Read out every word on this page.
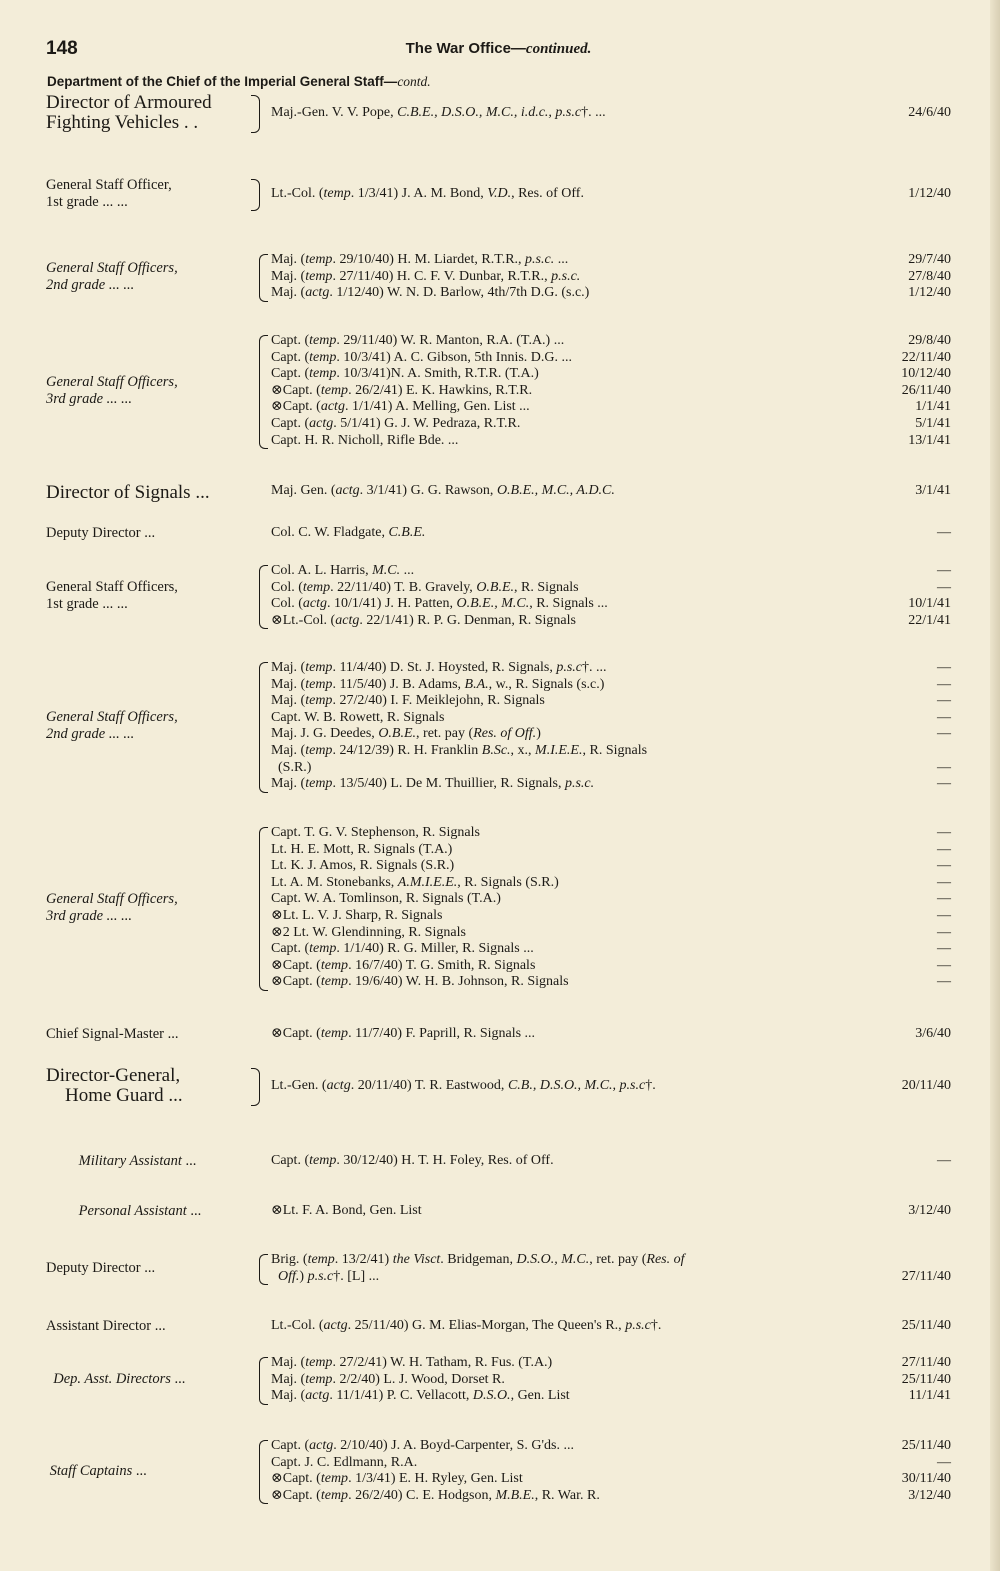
148	The War Office—continued.
Department of the Chief of the Imperial General Staff—contd.
Director of Armoured
Fighting Vehicles . .	Maj.-Gen. V. V. Pope, C.B.E., D.S.O., M.C., i.d.c., p.s.c†. ...	24/6/40
General Staff Officer,
1st grade ... ...
Lt.-Col. (temp. 1/3/41) J. A. M. Bond, V.D., Res. of Off.	1/12/40
General Staff Officers,
2nd grade ... ...
Maj. (temp. 29/10/40) H. M. Liardet, R.T.R., p.s.c. ...	29/7/40
Maj. (temp. 27/11/40) H. C. F. V. Dunbar, R.T.R., p.s.c.	27/8/40
Maj. (actg. 1/12/40) W. N. D. Barlow, 4th/7th D.G. (s.c.)	1/12/40
General Staff Officers,
3rd grade ... ...
Capt. (temp. 29/11/40) W. R. Manton, R.A. (T.A.) ...	29/8/40
Capt. (temp. 10/3/41) A. C. Gibson, 5th Innis. D.G. ...	22/11/40
Capt. (temp. 10/3/41)N. A. Smith, R.T.R. (T.A.)	10/12/40
⊗Capt. (temp. 26/2/41) E. K. Hawkins, R.T.R.	26/11/40
⊗Capt. (actg. 1/1/41) A. Melling, Gen. List ...	1/1/41
Capt. (actg. 5/1/41) G. J. W. Pedraza, R.T.R.	5/1/41
Capt. H. R. Nicholl, Rifle Bde. ...	13/1/41
Director of Signals ...	Maj. Gen. (actg. 3/1/41) G. G. Rawson, O.B.E., M.C., A.D.C.	3/1/41
Deputy Director ...	Col. C. W. Fladgate, C.B.E.	—
General Staff Officers,
1st grade ... ...
Col. A. L. Harris, M.C. ...	—
Col. (temp. 22/11/40) T. B. Gravely, O.B.E., R. Signals	—
Col. (actg. 10/1/41) J. H. Patten, O.B.E., M.C., R. Signals ...	10/1/41
⊗Lt.-Col. (actg. 22/1/41) R. P. G. Denman, R. Signals	22/1/41
General Staff Officers,
2nd grade ... ...
Maj. (temp. 11/4/40) D. St. J. Hoysted, R. Signals, p.s.c†. ...	—
Maj. (temp. 11/5/40) J. B. Adams, B.A., w., R. Signals (s.c.)	—
Maj. (temp. 27/2/40) I. F. Meiklejohn, R. Signals	—
Capt. W. B. Rowett, R. Signals	—
Maj. J. G. Deedes, O.B.E., ret. pay (Res. of Off.)	—
Maj. (temp. 24/12/39) R. H. Franklin B.Sc., x., M.I.E.E., R. Signals
(S.R.)	—
Maj. (temp. 13/5/40) L. De M. Thuillier, R. Signals, p.s.c.	—
General Staff Officers,
3rd grade ... ...
Capt. T. G. V. Stephenson, R. Signals	—
Lt. H. E. Mott, R. Signals (T.A.)	—
Lt. K. J. Amos, R. Signals (S.R.)	—
Lt. A. M. Stonebanks, A.M.I.E.E., R. Signals (S.R.)	—
Capt. W. A. Tomlinson, R. Signals (T.A.)	—
⊗Lt. L. V. J. Sharp, R. Signals	—
⊗2 Lt. W. Glendinning, R. Signals	—
Capt. (temp. 1/1/40) R. G. Miller, R. Signals ...	—
⊗Capt. (temp. 16/7/40) T. G. Smith, R. Signals	—
⊗Capt. (temp. 19/6/40) W. H. B. Johnson, R. Signals	—
Chief Signal-Master ...	⊗Capt. (temp. 11/7/40) F. Paprill, R. Signals ...	3/6/40
Director-General,
Home Guard ...	Lt.-Gen. (actg. 20/11/40) T. R. Eastwood, C.B., D.S.O., M.C., p.s.c†.	20/11/40
Military Assistant ...	Capt. (temp. 30/12/40) H. T. H. Foley, Res. of Off.	—
Personal Assistant ...	⊗Lt. F. A. Bond, Gen. List	3/12/40
Deputy Director ...
Brig. (temp. 13/2/41) the Visct. Bridgeman, D.S.O., M.C., ret. pay (Res. of
Off.) p.s.c†. [L] ...	27/11/40
Assistant Director ...	Lt.-Col. (actg. 25/11/40) G. M. Elias-Morgan, The Queen's R., p.s.c†.	25/11/40
Dep. Asst. Directors ...
Maj. (temp. 27/2/41) W. H. Tatham, R. Fus. (T.A.)	27/11/40
Maj. (temp. 2/2/40) L. J. Wood, Dorset R.	25/11/40
Maj. (actg. 11/1/41) P. C. Vellacott, D.S.O., Gen. List	11/1/41
Staff Captains ...
Capt. (actg. 2/10/40) J. A. Boyd-Carpenter, S. G'ds. ...	25/11/40
Capt. J. C. Edlmann, R.A.	—
⊗Capt. (temp. 1/3/41) E. H. Ryley, Gen. List	30/11/40
⊗Capt. (temp. 26/2/40) C. E. Hodgson, M.B.E., R. War. R.	3/12/40
